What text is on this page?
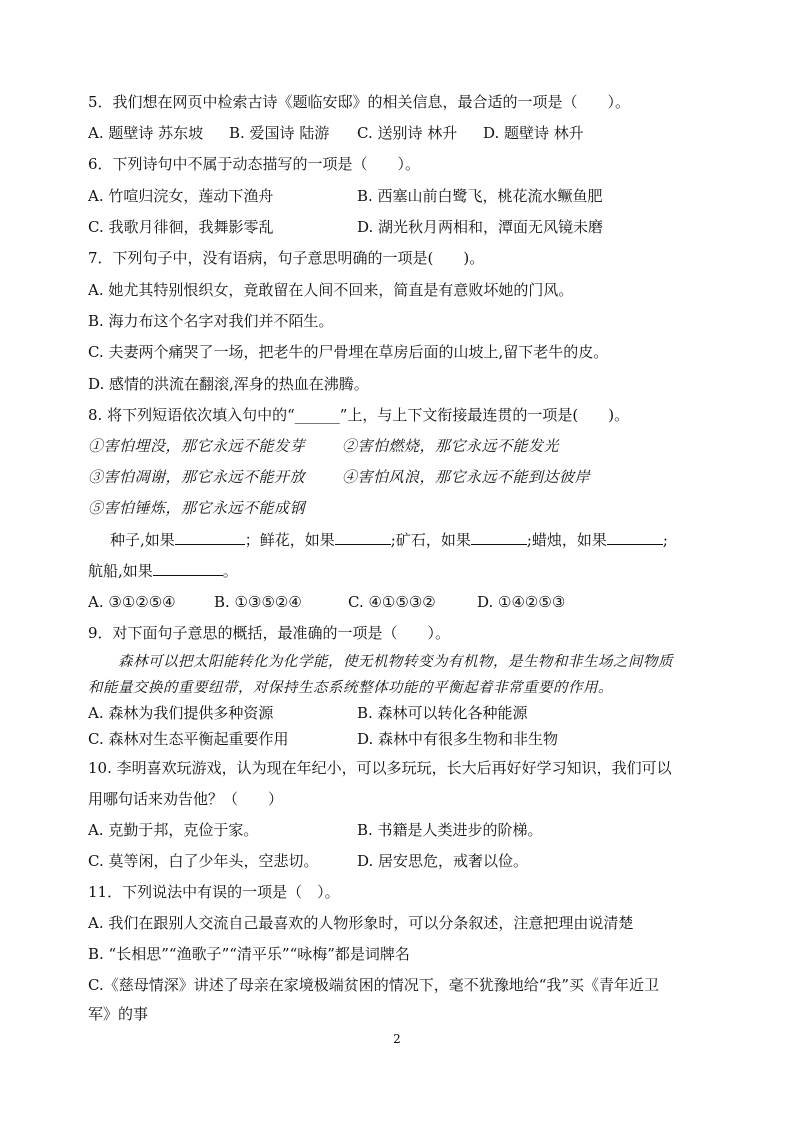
5．我们想在网页中检索古诗《题临安邸》的相关信息，最合适的一项是（　　）。
A. 题壁诗 苏东坡 B. 爱国诗 陆游 C. 送别诗 林升 D. 题壁诗 林升
6．下列诗句中不属于动态描写的一项是（　　）。
A. 竹喧归浣女，莲动下渔舟	B. 西塞山前白鹭飞，桃花流水鳜鱼肥
C. 我歌月徘徊，我舞影零乱	D. 湖光秋月两相和，潭面无风镜未磨
7．下列句子中，没有语病，句子意思明确的一项是(　　)。
A. 她尤其特别恨织女，竟敢留在人间不回来，简直是有意败坏她的门风。
B. 海力布这个名字对我们并不陌生。
C. 夫妻两个痛哭了一场，把老牛的尸骨埋在草房后面的山坡上,留下老牛的皮。
D. 感情的洪流在翻滚,浑身的热血在沸腾。
8. 将下列短语依次填入句中的“______”上，与上下文衔接最连贯的一项是(　　)。
①害怕埋没，那它永远不能发芽 ②害怕燃烧，那它永远不能发光
③害怕凋谢，那它永远不能开放 ④害怕风浪，那它永远不能到达彼岸
⑤害怕锤炼，那它永远不能成钢
种子,如果	；鲜花，如果	;矿石，如果	;蜡烛，如果	;
航船,如果	。
A. ③①②⑤④	B. ①③⑤②④	C. ④①⑤③②	D. ①④②⑤③
9．对下面句子意思的概括，最准确的一项是（　　）。
森林可以把太阳能转化为化学能，使无机物转变为有机物，是生物和非生场之间物质
和能量交换的重要纽带，对保持生态系统整体功能的平衡起着非常重要的作用。
A. 森林为我们提供多种资源	B. 森林可以转化各种能源
C. 森林对生态平衡起重要作用	D. 森林中有很多生物和非生物
10. 李明喜欢玩游戏，认为现在年纪小，可以多玩玩，长大后再好好学习知识，我们可以
用哪句话来劝告他？（　　）
A. 克勤于邦，克俭于家。	B. 书籍是人类进步的阶梯。
C. 莫等闲，白了少年头，空悲切。	D. 居安思危，戒奢以俭。
11．下列说法中有误的一项是（　）。
A. 我们在跟别人交流自己最喜欢的人物形象时，可以分条叙述，注意把理由说清楚
B. “长相思”“渔歌子”“清平乐”“咏梅”都是词牌名
C.《慈母情深》讲述了母亲在家境极端贫困的情况下，毫不犹豫地给“我”买《青年近卫
军》的事
2
